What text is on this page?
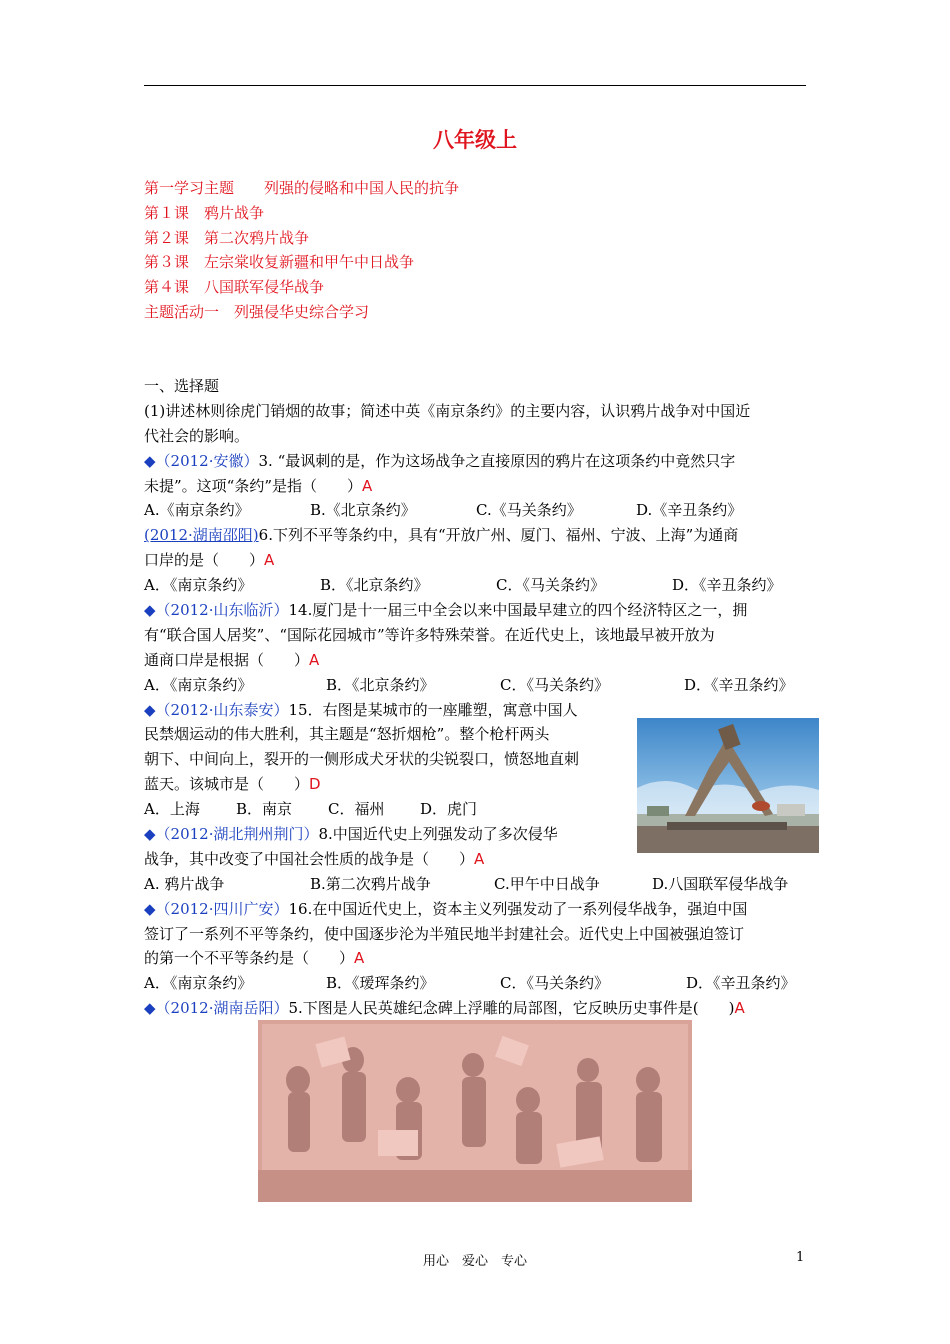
八年级上
第一学习主题　　列强的侵略和中国人民的抗争
第１课　鸦片战争
第２课　第二次鸦片战争
第３课　左宗棠收复新疆和甲午中日战争
第４课　八国联军侵华战争
主题活动一　列强侵华史综合学习
一、选择题
(1)讲述林则徐虎门销烟的故事；简述中英《南京条约》的主要内容，认识鸦片战争对中国近
代社会的影响。
◆（2012·安徽）3. “最讽刺的是，作为这场战争之直接原因的鸦片在这项条约中竟然只字
未提”。这项“条约”是指（　　）A
A.《南京条约》	B.《北京条约》	C.《马关条约》	D.《辛丑条约》
(2012·湖南邵阳)6.下列不平等条约中，具有“开放广州、厦门、福州、宁波、上海”为通商
口岸的是（　　）A
A．《南京条约》	B．《北京条约》	C．《马关条约》	D．《辛丑条约》
◆（2012·山东临沂）14.厦门是十一届三中全会以来中国最早建立的四个经济特区之一，拥
有“联合国人居奖”、“国际花园城市”等许多特殊荣誉。在近代史上，该地最早被开放为
通商口岸是根据（　　）A
A．《南京条约》	B．《北京条约》	C．《马关条约》	D．《辛丑条约》
◆（2012·山东泰安）15．右图是某城市的一座雕塑，寓意中国人
民禁烟运动的伟大胜利，其主题是“怒折烟枪”。整个枪杆两头
朝下、中间向上，裂开的一侧形成犬牙状的尖锐裂口，愤怒地直刺
蓝天。该城市是（　　）D
A．上海	B．南京	C．福州	D．虎门
◆（2012·湖北荆州荆门）8.中国近代史上列强发动了多次侵华
战争，其中改变了中国社会性质的战争是（　　）A
A. 鸦片战争	B.第二次鸦片战争	C.甲午中日战争	D.八国联军侵华战争
◆（2012·四川广安）16.在中国近代史上，资本主义列强发动了一系列侵华战争，强迫中国
签订了一系列不平等条约，使中国逐步沦为半殖民地半封建社会。近代史上中国被强迫签订
的第一个不平等条约是（　　）A
A．《南京条约》	B．《瑷珲条约》	C．《马关条约》	D．《辛丑条约》
◆（2012·湖南岳阳）5.下图是人民英雄纪念碑上浮雕的局部图，它反映历史事件是(　　)A
用心　爱心　专心	1
